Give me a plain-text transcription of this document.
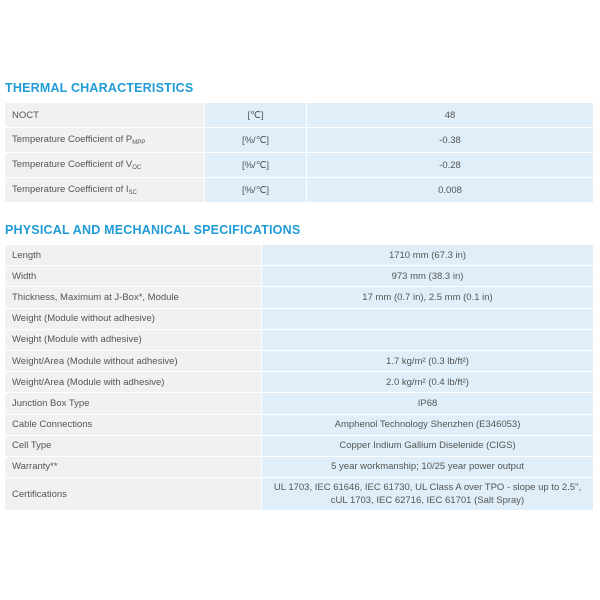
THERMAL CHARACTERISTICS
NOCT	[℃]	48
Temperature Coefficient of $P_{MPP}$	[%/℃]	-0.38
Temperature Coefficient of $V_{OC}$	[%/℃]	-0.28
Temperature Coefficient of $I_{SC}$	[%/℃]	0.008
PHYSICAL AND MECHANICAL SPECIFICATIONS
Length	1710 mm (67.3 in)
Width	973 mm (38.3 in)
Thickness, Maximum at J-Box*, Module	17 mm (0.7 in), 2.5 mm (0.1 in)
Weight (Module without adhesive)	
Weight (Module with adhesive)	
Weight/Area (Module without adhesive)	1.7 kg/m² (0.3 lb/ft²)
Weight/Area (Module with adhesive)	2.0 kg/m² (0.4 lb/ft²)
Junction Box Type	IP68
Cable Connections	Amphenol Technology Shenzhen (E346053)
Cell Type	Copper Indium Gallium Diselenide (CIGS)
Warranty**	5 year workmanship; 10/25 year power output
Certifications	UL 1703, IEC 61646, IEC 61730, UL Class A over TPO - slope up to 2.5",
cUL 1703, IEC 62716, IEC 61701 (Salt Spray)
